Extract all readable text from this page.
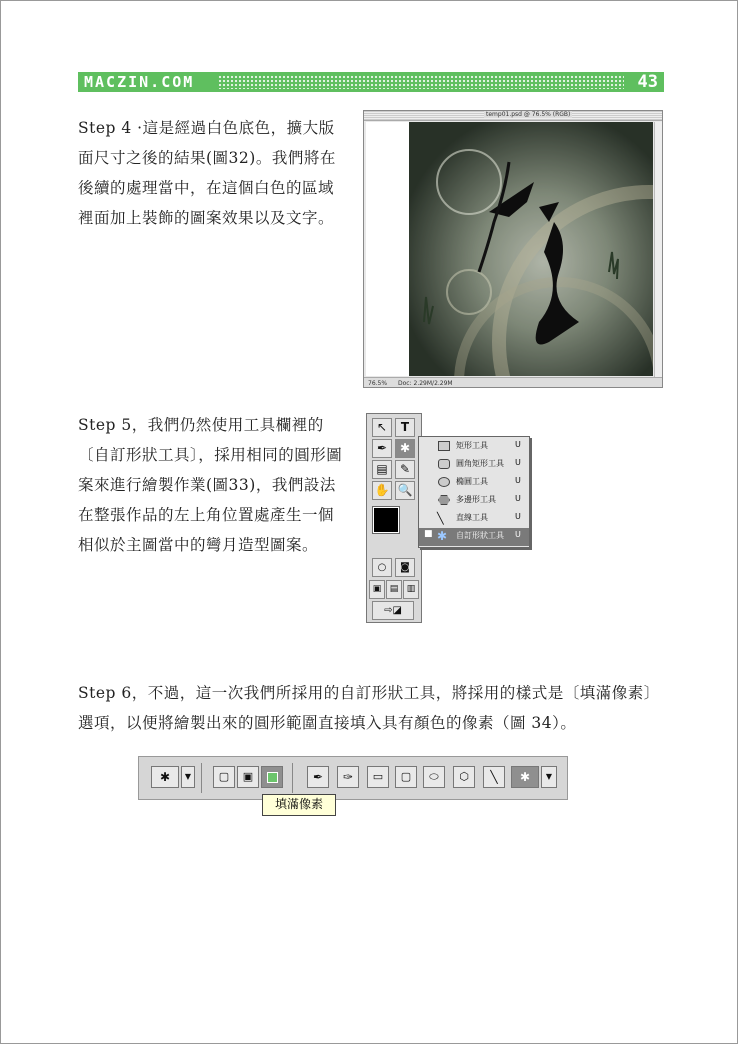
MACZIN.COM	43
Step 4 ·這是經過白色底色，擴大版面尺寸之後的結果(圖32)。我們將在後續的處理當中，在這個白色的區域裡面加上裝飾的圖案效果以及文字。
temp01.psd @ 76.5% (RGB)
76.5% Doc: 2.29M/2.29M
Step 5，我們仍然使用工具欄裡的〔自訂形狀工具〕，採用相同的圓形圖案來進行繪製作業(圖33)，我們設法在整張作品的左上角位置處產生一個相似於主圖當中的彎月造型圖案。
↖	T
✒	✱
▤	✎
✋ 🔍
○	◙
▣ ▤ ▥
⇨◪
矩形工具	U
圓角矩形工具 U
橢圓工具	U
多邊形工具 U
╲ 直線工具	U
■ ✱ 自訂形狀工具 U
Step 6，不過，這一次我們所採用的自訂形狀工具，將採用的樣式是〔填滿像素〕選項，以便將繪製出來的圓形範圍直接填入具有顏色的像素（圖 34）。
✱	▼	▢	▣	✒	✑	▭	▢	⬭	⬡	╲	✱	▼
填滿像素
